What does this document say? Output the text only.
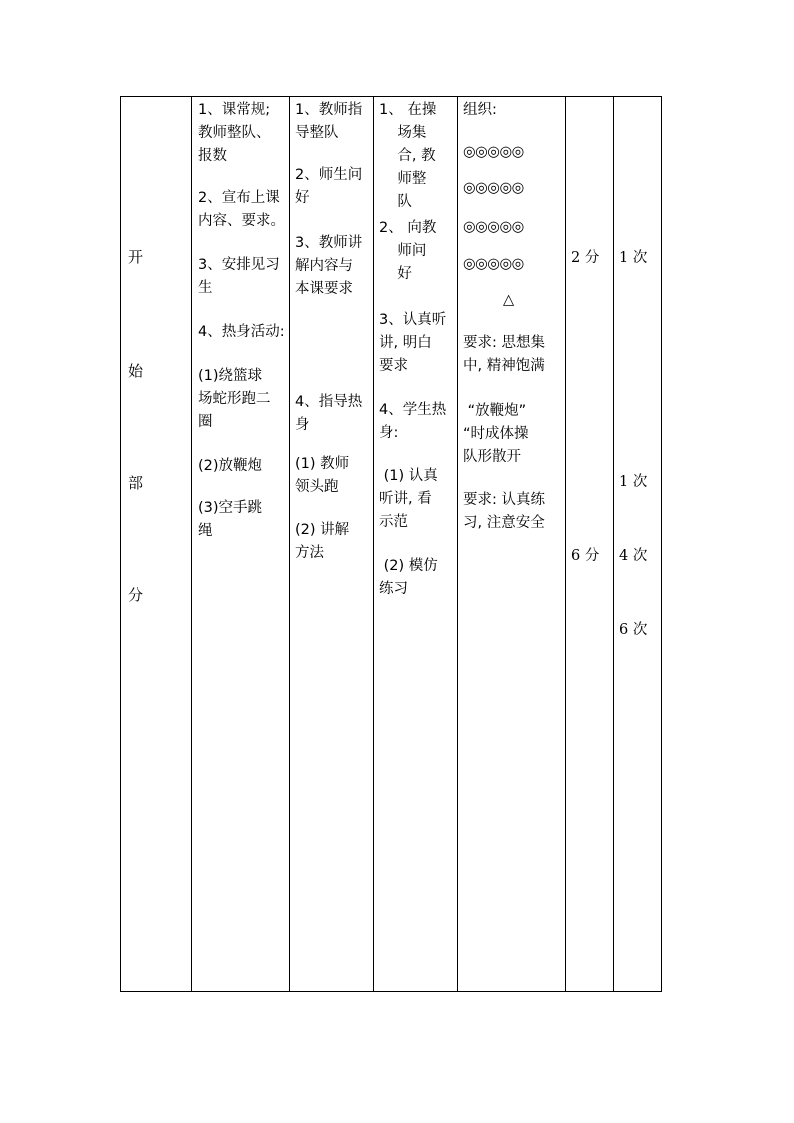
开
始
部
分
1、课常规;
教师整队、
报数
2、宣布上课
内容、要求。
3、安排见习
生
4、热身活动:
(1)绕篮球
场蛇形跑二
圈
(2)放鞭炮
(3)空手跳
绳
1、教师指
导整队
2、师生问
好
3、教师讲
解内容与
本课要求
4、指导热
身
(1) 教师
领头跑
(2) 讲解
方法
1、 在操
场集
合, 教
师整
队
2、 向教
师问
好
3、认真听
讲, 明白
要求
4、学生热
身:
(1) 认真
听讲, 看
示范
(2) 模仿
练习
组织:
◎◎◎◎◎
◎◎◎◎◎
◎◎◎◎◎
◎◎◎◎◎
△
要求: 思想集
中, 精神饱满
“放鞭炮”
“时成体操
队形散开
要求: 认真练
习, 注意安全
2 分
6 分
1 次
1 次
4 次
6 次
